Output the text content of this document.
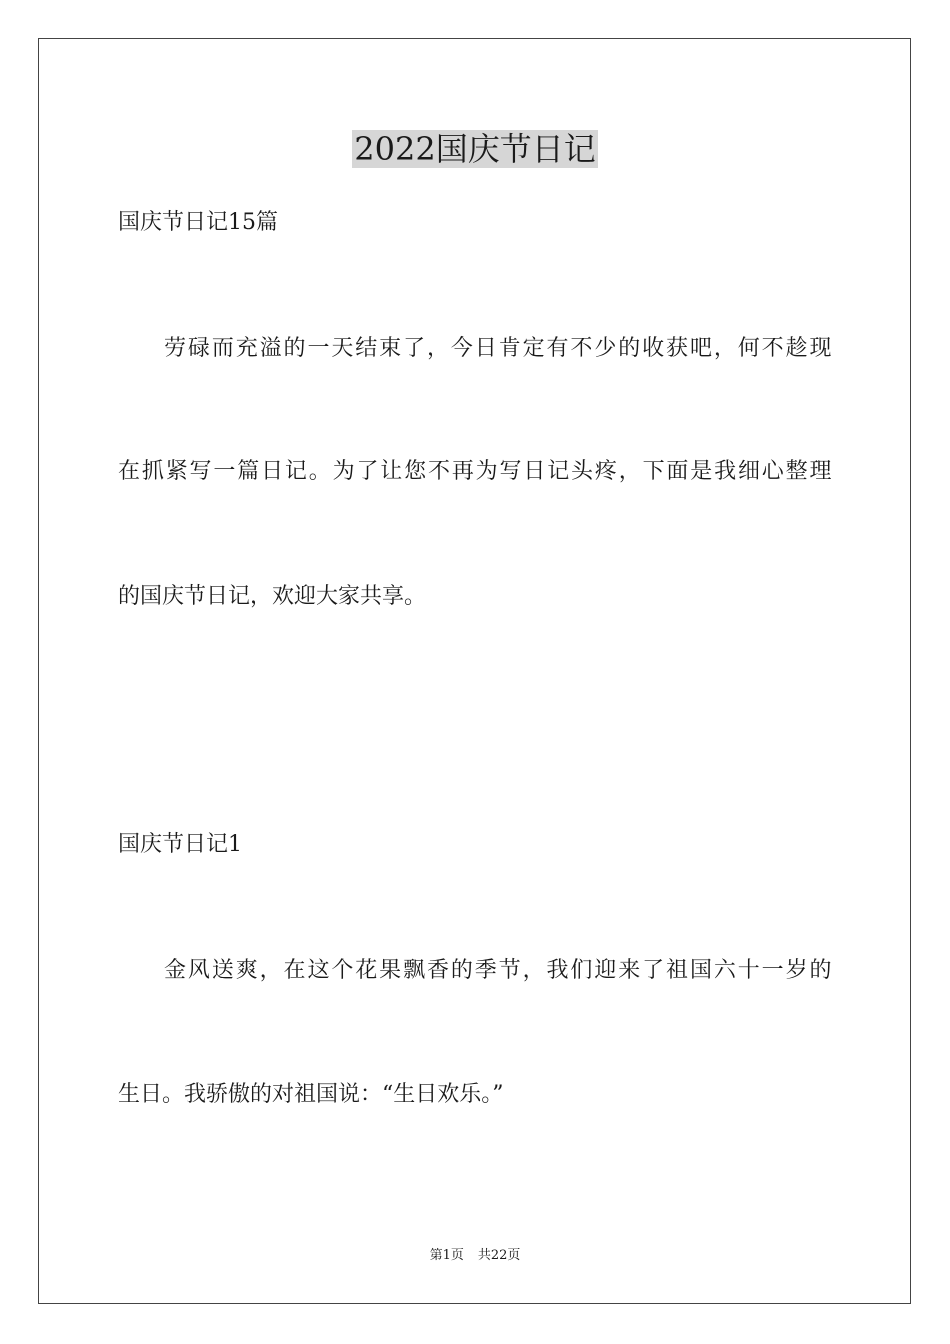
2022国庆节日记
国庆节日记15篇
劳碌而充溢的一天结束了，今日肯定有不少的收获吧，何不趁现
在抓紧写一篇日记。为了让您不再为写日记头疼，下面是我细心整理
的国庆节日记，欢迎大家共享。
国庆节日记1
金风送爽，在这个花果飘香的季节，我们迎来了祖国六十一岁的
生日。我骄傲的对祖国说：“生日欢乐。”
第1页 共22页
